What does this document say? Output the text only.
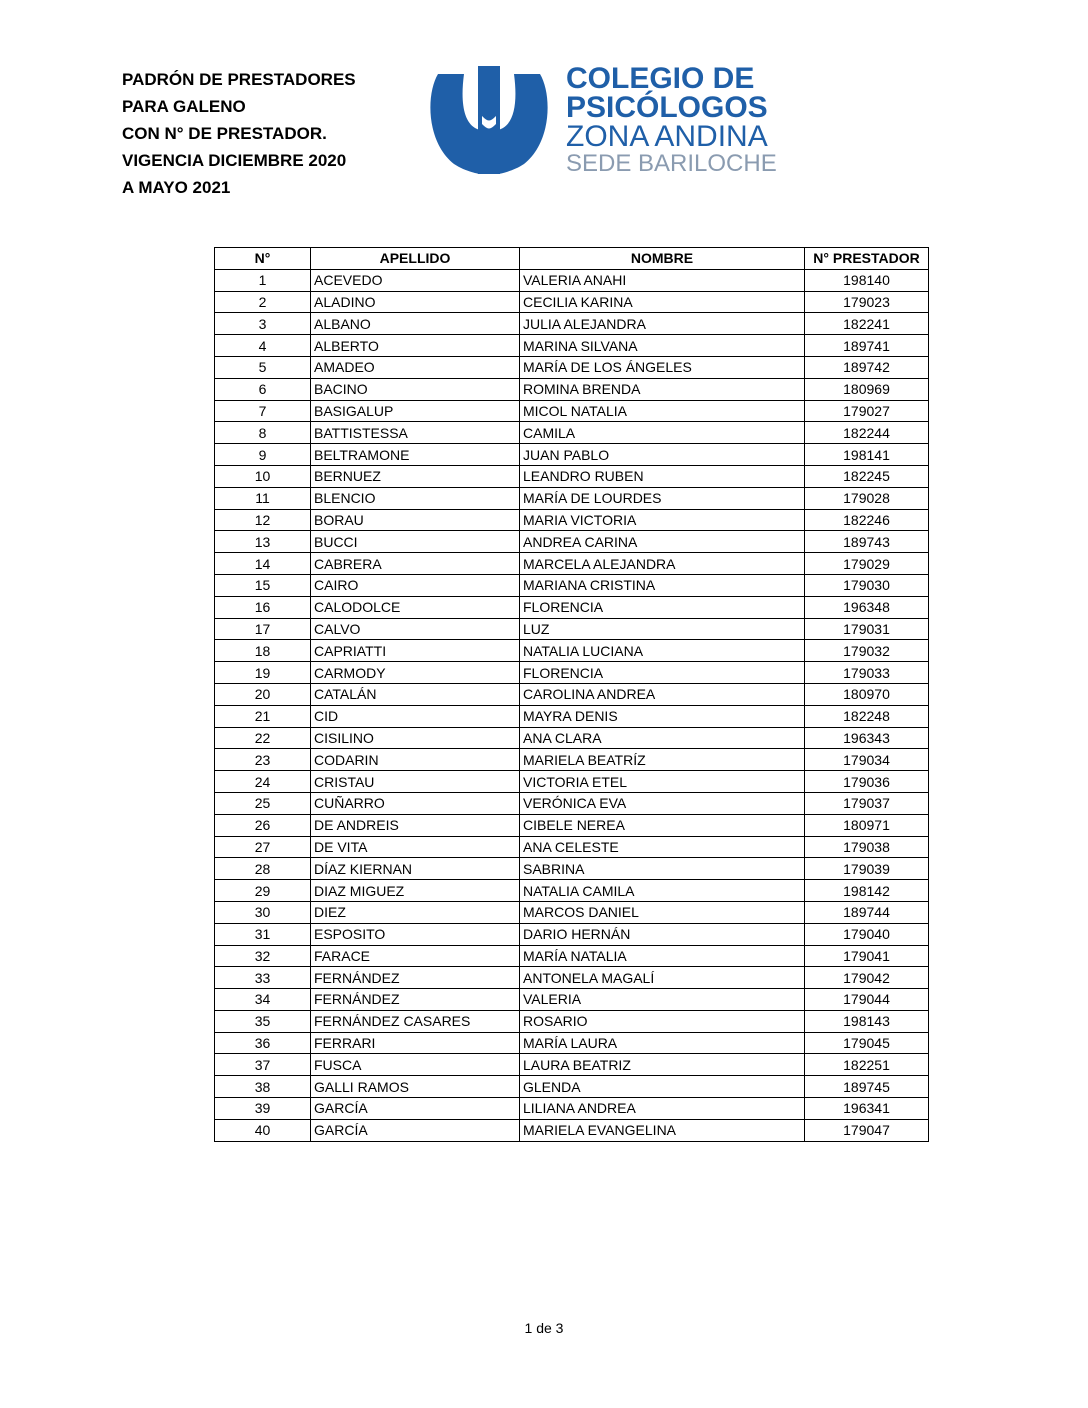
PADRÓN DE PRESTADORES
PARA GALENO
CON N° DE PRESTADOR.
VIGENCIA DICIEMBRE 2020
A MAYO 2021
COLEGIO DE
PSICÓLOGOS
ZONA ANDINA
SEDE BARILOCHE
N°	APELLIDO	NOMBRE	N° PRESTADOR
1	ACEVEDO	VALERIA ANAHI	198140
2	ALADINO	CECILIA KARINA	179023
3	ALBANO	JULIA ALEJANDRA	182241
4	ALBERTO	MARINA SILVANA	189741
5	AMADEO	MARÍA DE LOS ÁNGELES	189742
6	BACINO	ROMINA BRENDA	180969
7	BASIGALUP	MICOL NATALIA	179027
8	BATTISTESSA	CAMILA	182244
9	BELTRAMONE	JUAN PABLO	198141
10	BERNUEZ	LEANDRO RUBEN	182245
11	BLENCIO	MARÍA DE LOURDES	179028
12	BORAU	MARIA VICTORIA	182246
13	BUCCI	ANDREA CARINA	189743
14	CABRERA	MARCELA ALEJANDRA	179029
15	CAIRO	MARIANA CRISTINA	179030
16	CALODOLCE	FLORENCIA	196348
17	CALVO	LUZ	179031
18	CAPRIATTI	NATALIA LUCIANA	179032
19	CARMODY	FLORENCIA	179033
20	CATALÁN	CAROLINA ANDREA	180970
21	CID	MAYRA DENIS	182248
22	CISILINO	ANA CLARA	196343
23	CODARIN	MARIELA BEATRÍZ	179034
24	CRISTAU	VICTORIA ETEL	179036
25	CUÑARRO	VERÓNICA EVA	179037
26	DE ANDREIS	CIBELE NEREA	180971
27	DE VITA	ANA CELESTE	179038
28	DÍAZ KIERNAN	SABRINA	179039
29	DIAZ MIGUEZ	NATALIA CAMILA	198142
30	DIEZ	MARCOS DANIEL	189744
31	ESPOSITO	DARIO HERNÁN	179040
32	FARACE	MARÍA NATALIA	179041
33	FERNÁNDEZ	ANTONELA MAGALÍ	179042
34	FERNÁNDEZ	VALERIA	179044
35	FERNÁNDEZ CASARES	ROSARIO	198143
36	FERRARI	MARÍA LAURA	179045
37	FUSCA	LAURA BEATRIZ	182251
38	GALLI RAMOS	GLENDA	189745
39	GARCÍA	LILIANA ANDREA	196341
40	GARCÍA	MARIELA EVANGELINA	179047
1 de 3
